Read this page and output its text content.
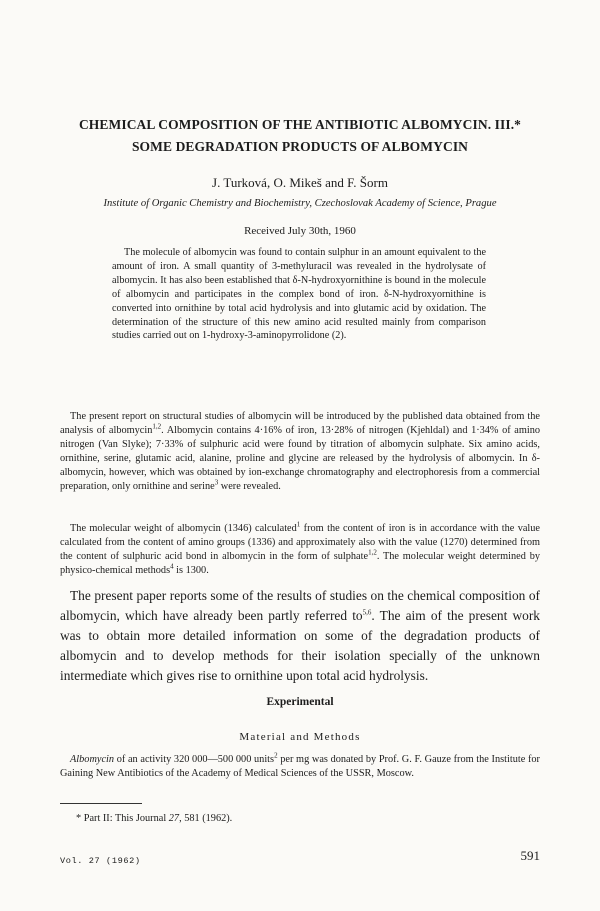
CHEMICAL COMPOSITION OF THE ANTIBIOTIC ALBOMYCIN. III.*
SOME DEGRADATION PRODUCTS OF ALBOMYCIN
J. Turková, O. Mikeš and F. Šorm
Institute of Organic Chemistry and Biochemistry, Czechoslovak Academy of Science, Prague
Received July 30th, 1960

The molecule of albomycin was found to contain sulphur in an amount equivalent to the amount of iron. A small quantity of 3-methyluracil was revealed in the hydrolysate of albomycin. It has also been established that δ-N-hydroxyornithine is bound in the molecule of albomycin and participates in the complex bond of iron. δ-N-hydroxyornithine is converted into ornithine by total acid hydrolysis and into glutamic acid by oxidation. The determination of the structure of this new amino acid resulted mainly from comparison studies carried out on 1-hydroxy-3-aminopyrrolidone (2).

The present report on structural studies of albomycin will be introduced by the published data obtained from the analysis of albomycin$^{1,2}$. Albomycin contains 4·16% of iron, 13·28% of nitrogen (Kjehldal) and 1·34% of amino nitrogen (Van Slyke); 7·33% of sulphuric acid were found by titration of albomycin sulphate. Six amino acids, ornithine, serine, glutamic acid, alanine, proline and glycine are released by the hydrolysis of albomycin. In δ-albomycin, however, which was obtained by ion-exchange chromatography and electrophoresis from a commercial preparation, only ornithine and serine$^3$ were revealed.

The molecular weight of albomycin (1346) calculated$^1$ from the content of iron is in accordance with the value calculated from the content of amino groups (1336) and approximately also with the value (1270) determined from the content of sulphuric acid bond in albomycin in the form of sulphate$^{1,2}$. The molecular weight determined by physico-chemical methods$^4$ is 1300.

The present paper reports some of the results of studies on the chemical composition of albomycin, which have already been partly referred to$^{5,6}$. The aim of the present work was to obtain more detailed information on some of the degradation products of albomycin and to develop methods for their isolation specially of the unknown intermediate which gives rise to ornithine upon total acid hydrolysis.

Experimental
Material and Methods

Albomycin of an activity 320 000—500 000 units$^2$ per mg was donated by Prof. G. F. Gauze from the Institute for Gaining New Antibiotics of the Academy of Medical Sciences of the USSR, Moscow.

* Part II: This Journal 27, 581 (1962).

Vol. 27 (1962)	591
